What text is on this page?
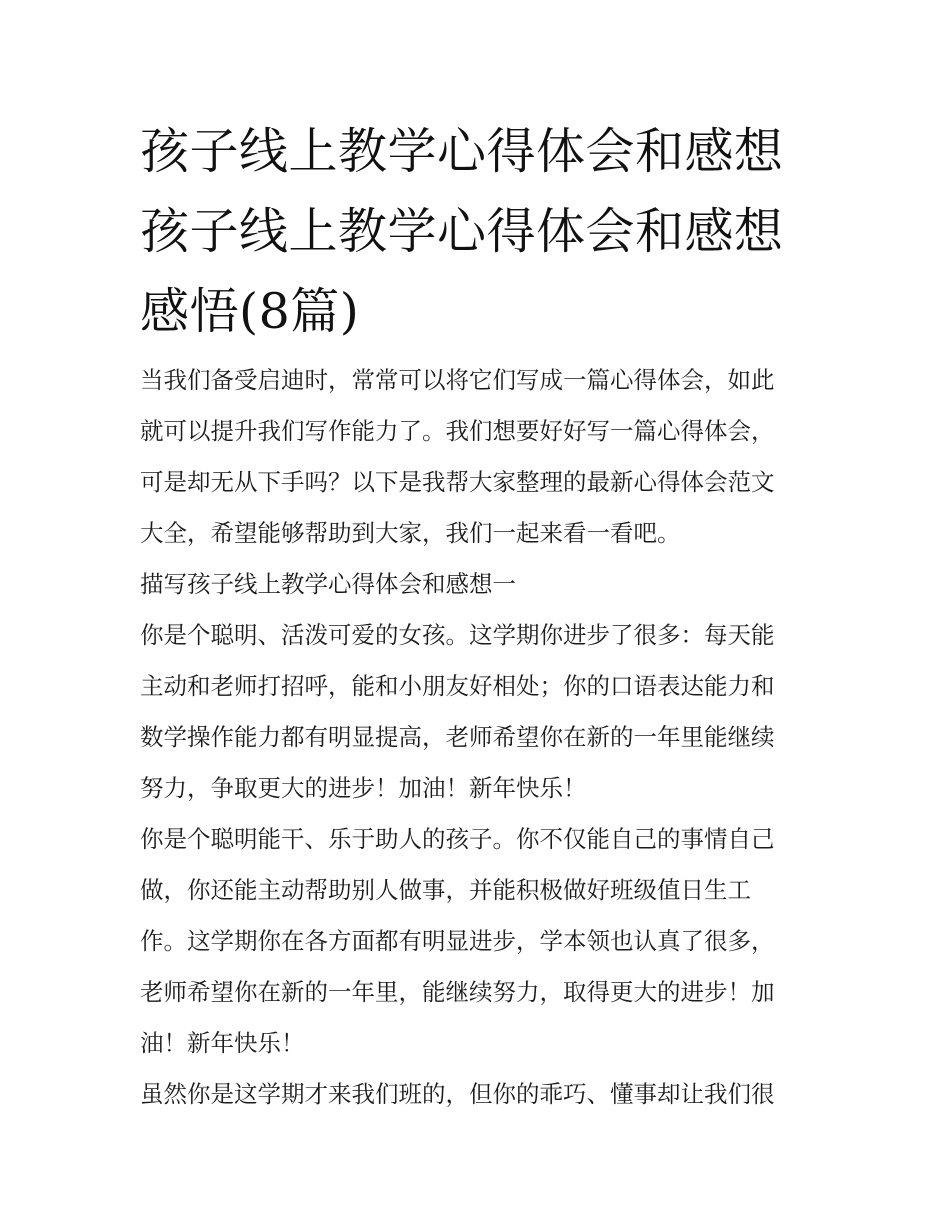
孩子线上教学心得体会和感想
孩子线上教学心得体会和感想
感悟(8篇)
当我们备受启迪时，常常可以将它们写成一篇心得体会，如此
就可以提升我们写作能力了。我们想要好好写一篇心得体会，
可是却无从下手吗？以下是我帮大家整理的最新心得体会范文
大全，希望能够帮助到大家，我们一起来看一看吧。
描写孩子线上教学心得体会和感想一
你是个聪明、活泼可爱的女孩。这学期你进步了很多：每天能
主动和老师打招呼，能和小朋友好相处；你的口语表达能力和
数学操作能力都有明显提高，老师希望你在新的一年里能继续
努力，争取更大的进步！加油！新年快乐！
你是个聪明能干、乐于助人的孩子。你不仅能自己的事情自己
做，你还能主动帮助别人做事，并能积极做好班级值日生工
作。这学期你在各方面都有明显进步，学本领也认真了很多，
老师希望你在新的一年里，能继续努力，取得更大的进步！加
油！新年快乐！
虽然你是这学期才来我们班的，但你的乖巧、懂事却让我们很
